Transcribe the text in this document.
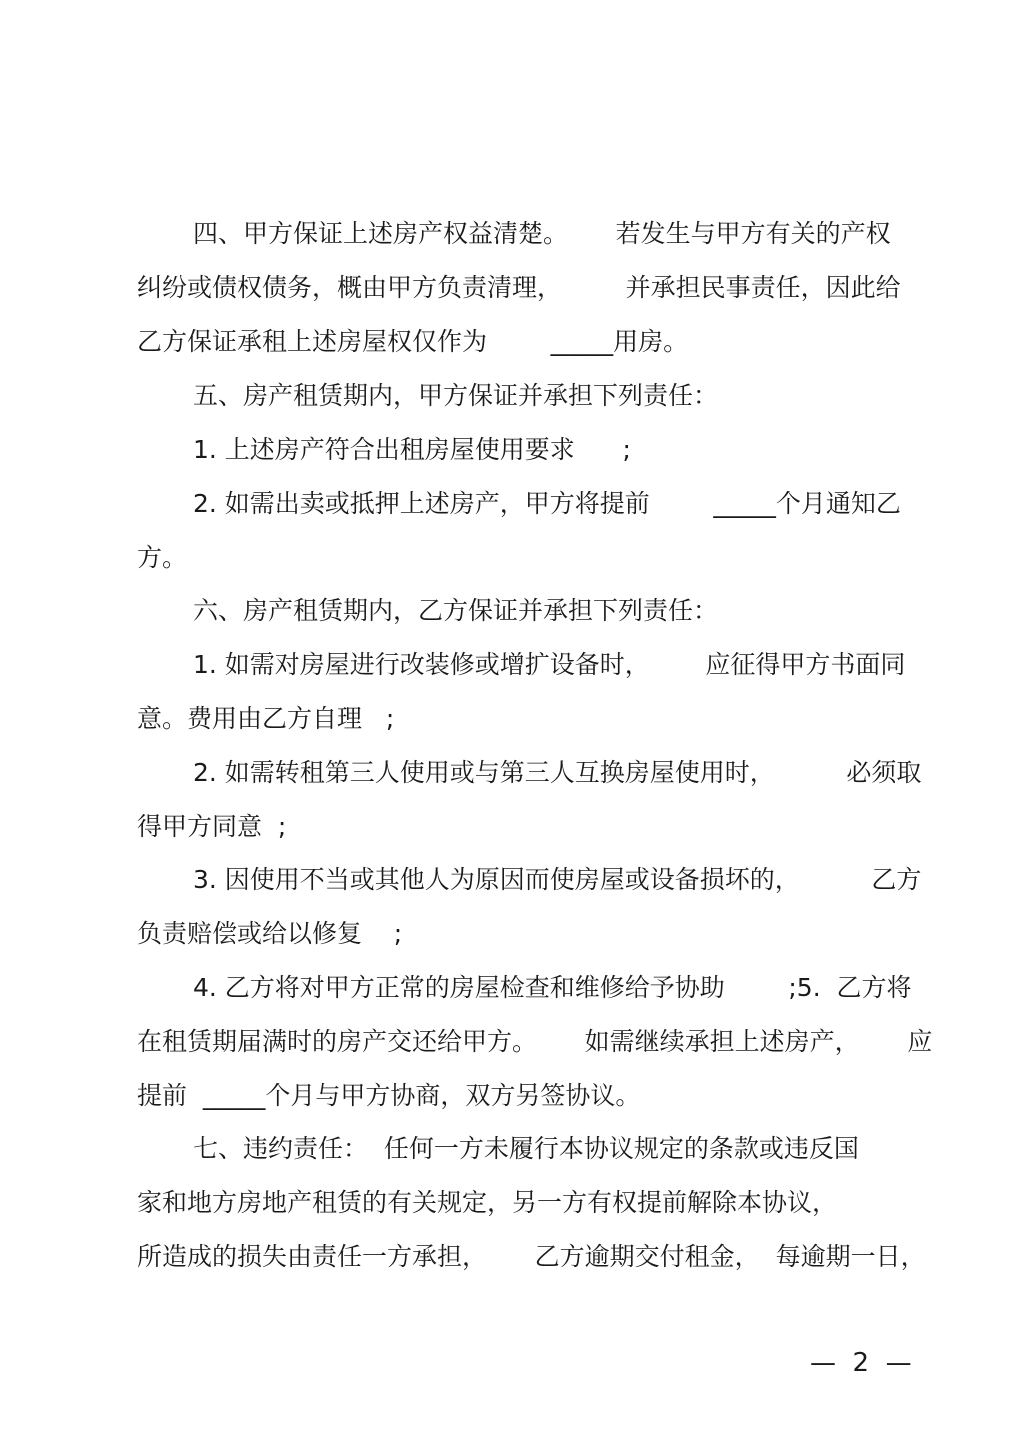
四、甲方保证上述房产权益清楚。      若发生与甲方有关的产权

纠纷或债权债务，概由甲方负责清理，        并承担民事责任，因此给

乙方保证承租上述房屋权仅作为        _____用房。

五、房产租赁期内，甲方保证并承担下列责任：

1. 上述房产符合出租房屋使用要求      ;

2. 如需出卖或抵押上述房产，甲方将提前        _____个月通知乙

方。

六、房产租赁期内，乙方保证并承担下列责任：

1. 如需对房屋进行改装修或增扩设备时，       应征得甲方书面同

意。费用由乙方自理   ;

2. 如需转租第三人使用或与第三人互换房屋使用时，         必须取

得甲方同意  ;

3. 因使用不当或其他人为原因而使房屋或设备损坏的，         乙方

负责赔偿或给以修复    ;

4. 乙方将对甲方正常的房屋检查和维修给予协助        ;5.  乙方将

在租赁期届满时的房产交还给甲方。      如需继续承担上述房产，      应

提前  _____个月与甲方协商，双方另签协议。

七、违约责任：  任何一方未履行本协议规定的条款或违反国

家和地方房地产租赁的有关规定，另一方有权提前解除本协议，

所造成的损失由责任一方承担，      乙方逾期交付租金，  每逾期一日，

—  2  —
